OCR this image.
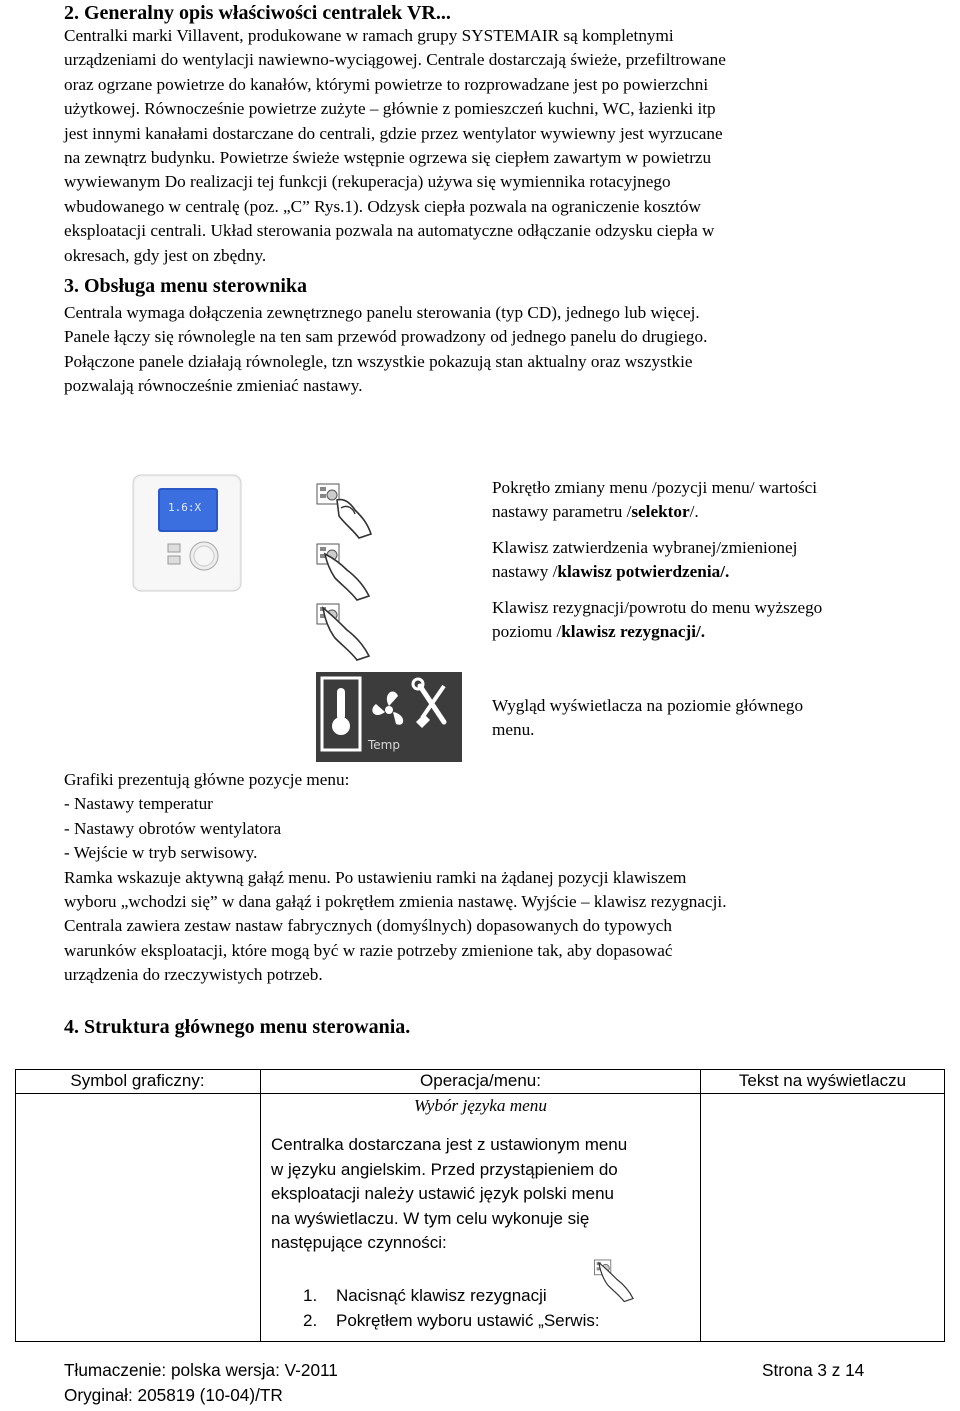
2. Generalny opis właściwości centralek VR...
Centralki marki Villavent, produkowane w ramach grupy SYSTEMAIR są kompletnymi
urządzeniami do wentylacji nawiewno-wyciągowej. Centrale dostarczają świeże, przefiltrowane
oraz ogrzane powietrze do kanałów, którymi powietrze to rozprowadzane jest po powierzchni
użytkowej. Równocześnie powietrze zużyte – głównie z pomieszczeń kuchni, WC, łazienki itp
jest innymi kanałami dostarczane do centrali, gdzie przez wentylator wywiewny jest wyrzucane
na zewnątrz budynku. Powietrze świeże wstępnie ogrzewa się ciepłem zawartym w powietrzu
wywiewanym Do realizacji tej funkcji (rekuperacja) używa się wymiennika rotacyjnego
wbudowanego w centralę (poz. „C” Rys.1). Odzysk ciepła pozwala na ograniczenie kosztów
eksploatacji centrali. Układ sterowania pozwala na automatyczne odłączanie odzysku ciepła w
okresach, gdy jest on zbędny.
3. Obsługa menu sterownika
Centrala wymaga dołączenia zewnętrznego panelu sterowania (typ CD), jednego lub więcej.
Panele łączy się równolegle na ten sam przewód prowadzony od jednego panelu do drugiego.
Połączone panele działają równolegle, tzn wszystkie pokazują stan aktualny oraz wszystkie
pozwalają równocześnie zmieniać nastawy.
1.6:X
Pokrętło zmiany menu /pozycji menu/ wartości
nastawy parametru /selektor/.
Klawisz zatwierdzenia wybranej/zmienionej
nastawy /klawisz potwierdzenia/.
Klawisz rezygnacji/powrotu do menu wyższego
poziomu /klawisz rezygnacji/.
Temp
Wygląd wyświetlacza na poziomie głównego
menu.
Grafiki prezentują główne pozycje menu:
- Nastawy temperatur
- Nastawy obrotów wentylatora
- Wejście w tryb serwisowy.
Ramka wskazuje aktywną gałąź menu. Po ustawieniu ramki na żądanej pozycji klawiszem
wyboru „wchodzi się” w dana gałąź i pokrętłem zmienia nastawę. Wyjście – klawisz rezygnacji.
Centrala zawiera zestaw nastaw fabrycznych (domyślnych) dopasowanych do typowych
warunków eksploatacji, które mogą być w razie potrzeby zmienione tak, aby dopasować
urządzenia do rzeczywistych potrzeb.
4. Struktura głównego menu sterowania.
Symbol graficzny:	Operacja/menu:	Tekst na wyświetlaczu
Wybór języka menu
Centralka dostarczana jest z ustawionym menu
w języku angielskim. Przed przystąpieniem do
eksploatacji należy ustawić język polski menu
na wyświetlaczu. W tym celu wykonuje się
następujące czynności:
1. Nacisnąć klawisz rezygnacji
2. Pokrętłem wyboru ustawić „Serwis:
Tłumaczenie: polska wersja: V-2011
Oryginał: 205819 (10-04)/TR
Strona 3 z 14
